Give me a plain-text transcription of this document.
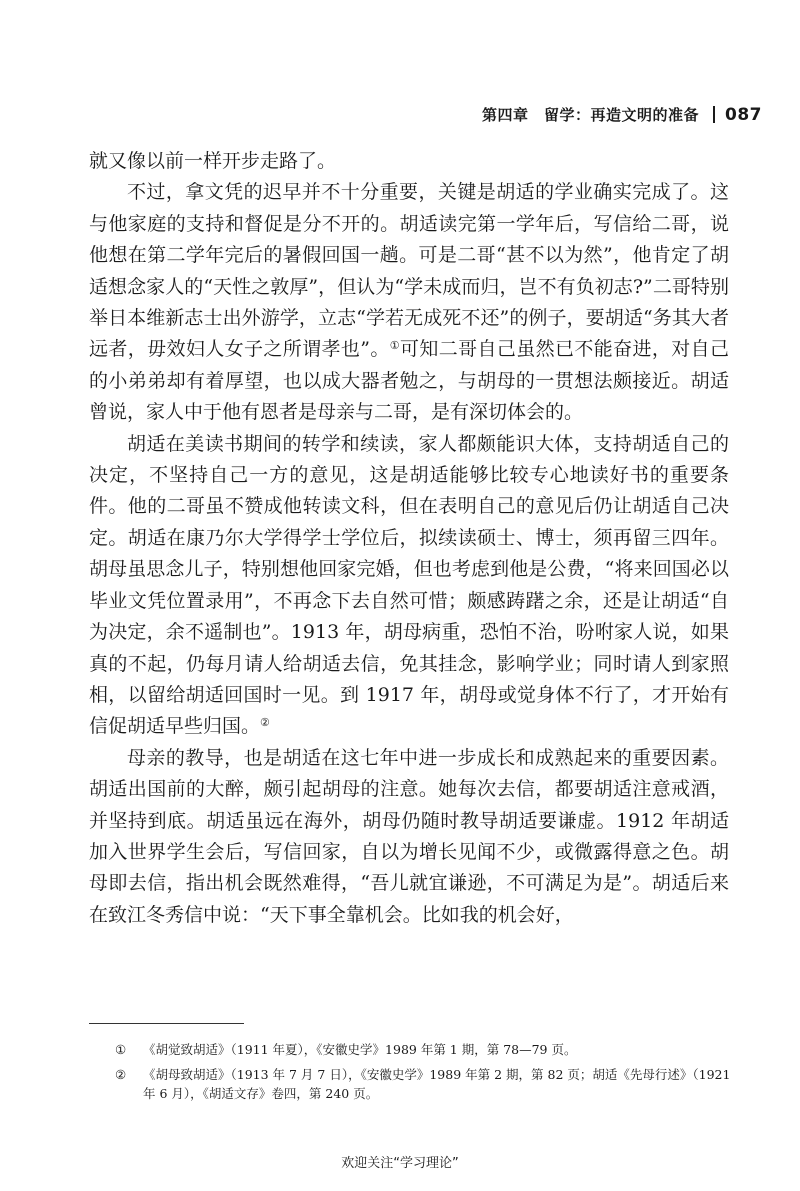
第四章　留学：再造文明的准备 087

就又像以前一样开步走路了。

不过，拿文凭的迟早并不十分重要，关键是胡适的学业确实完成了。这与他家庭的支持和督促是分不开的。胡适读完第一学年后，写信给二哥，说他想在第二学年完后的暑假回国一趟。可是二哥“甚不以为然”，他肯定了胡适想念家人的“天性之敦厚”，但认为“学未成而归，岂不有负初志?”二哥特别举日本维新志士出外游学，立志“学若无成死不还”的例子，要胡适“务其大者远者，毋效妇人女子之所谓孝也”。①可知二哥自己虽然已不能奋进，对自己的小弟弟却有着厚望，也以成大器者勉之，与胡母的一贯想法颇接近。胡适曾说，家人中于他有恩者是母亲与二哥，是有深切体会的。

胡适在美读书期间的转学和续读，家人都颇能识大体，支持胡适自己的决定，不坚持自己一方的意见，这是胡适能够比较专心地读好书的重要条件。他的二哥虽不赞成他转读文科，但在表明自己的意见后仍让胡适自己决定。胡适在康乃尔大学得学士学位后，拟续读硕士、博士，须再留三四年。胡母虽思念儿子，特别想他回家完婚，但也考虑到他是公费，“将来回国必以毕业文凭位置录用”，不再念下去自然可惜；颇感踌躇之余，还是让胡适“自为决定，余不遥制也”。1913 年，胡母病重，恐怕不治，吩咐家人说，如果真的不起，仍每月请人给胡适去信，免其挂念，影响学业；同时请人到家照相，以留给胡适回国时一见。到 1917 年，胡母或觉身体不行了，才开始有信促胡适早些归国。②

母亲的教导，也是胡适在这七年中进一步成长和成熟起来的重要因素。胡适出国前的大醉，颇引起胡母的注意。她每次去信，都要胡适注意戒酒，并坚持到底。胡适虽远在海外，胡母仍随时教导胡适要谦虚。1912 年胡适加入世界学生会后，写信回家，自以为增长见闻不少，或微露得意之色。胡母即去信，指出机会既然难得，“吾儿就宜谦逊，不可满足为是”。胡适后来在致江冬秀信中说：“天下事全靠机会。比如我的机会好，

①	《胡觉致胡适》（1911 年夏），《安徽史学》1989 年第 1 期，第 78—79 页。
②	《胡母致胡适》（1913 年 7 月 7 日），《安徽史学》1989 年第 2 期，第 82 页；胡适《先母行述》（1921 年 6 月），《胡适文存》卷四，第 240 页。
欢迎关注“学习理论”
